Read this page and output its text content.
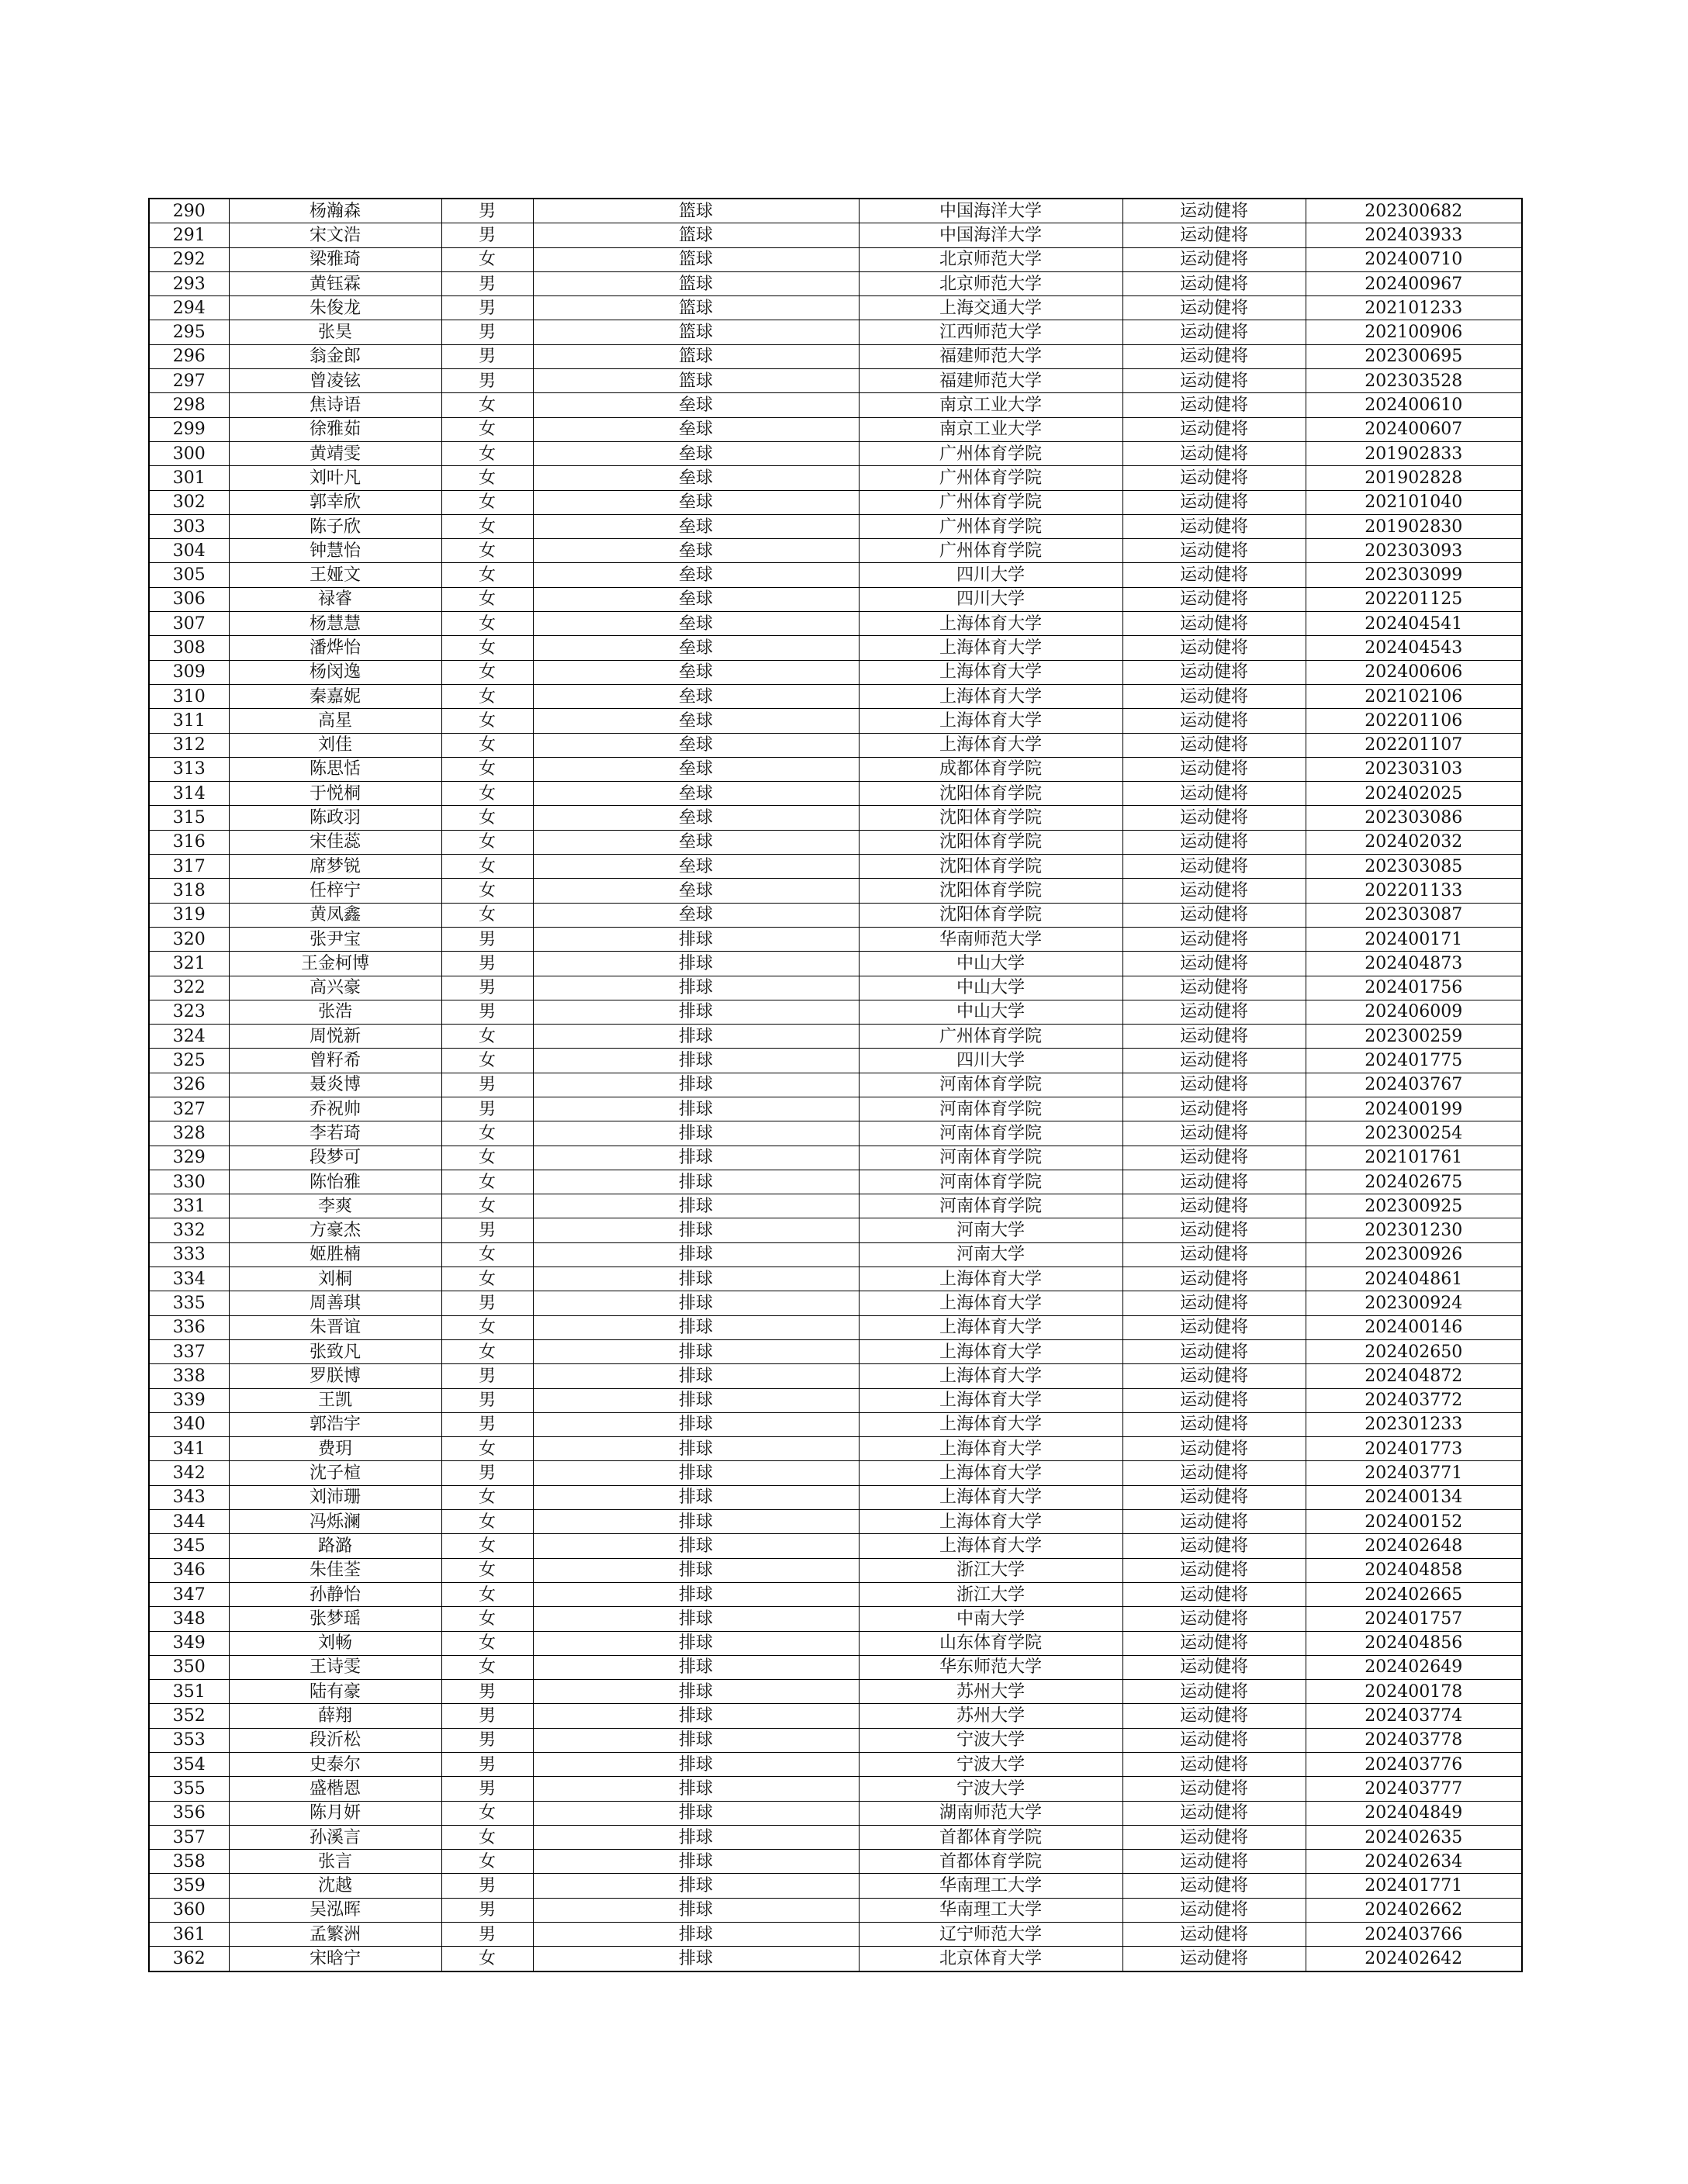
290	杨瀚森	男	篮球	中国海洋大学	运动健将	202300682
291	宋文浩	男	篮球	中国海洋大学	运动健将	202403933
292	梁雅琦	女	篮球	北京师范大学	运动健将	202400710
293	黄钰霖	男	篮球	北京师范大学	运动健将	202400967
294	朱俊龙	男	篮球	上海交通大学	运动健将	202101233
295	张昊	男	篮球	江西师范大学	运动健将	202100906
296	翁金郎	男	篮球	福建师范大学	运动健将	202300695
297	曾凌铉	男	篮球	福建师范大学	运动健将	202303528
298	焦诗语	女	垒球	南京工业大学	运动健将	202400610
299	徐雅茹	女	垒球	南京工业大学	运动健将	202400607
300	黄靖雯	女	垒球	广州体育学院	运动健将	201902833
301	刘叶凡	女	垒球	广州体育学院	运动健将	201902828
302	郭幸欣	女	垒球	广州体育学院	运动健将	202101040
303	陈子欣	女	垒球	广州体育学院	运动健将	201902830
304	钟慧怡	女	垒球	广州体育学院	运动健将	202303093
305	王娅文	女	垒球	四川大学	运动健将	202303099
306	禄睿	女	垒球	四川大学	运动健将	202201125
307	杨慧慧	女	垒球	上海体育大学	运动健将	202404541
308	潘烨怡	女	垒球	上海体育大学	运动健将	202404543
309	杨闵逸	女	垒球	上海体育大学	运动健将	202400606
310	秦嘉妮	女	垒球	上海体育大学	运动健将	202102106
311	高星	女	垒球	上海体育大学	运动健将	202201106
312	刘佳	女	垒球	上海体育大学	运动健将	202201107
313	陈思恬	女	垒球	成都体育学院	运动健将	202303103
314	于悦桐	女	垒球	沈阳体育学院	运动健将	202402025
315	陈政羽	女	垒球	沈阳体育学院	运动健将	202303086
316	宋佳蕊	女	垒球	沈阳体育学院	运动健将	202402032
317	席梦锐	女	垒球	沈阳体育学院	运动健将	202303085
318	任梓宁	女	垒球	沈阳体育学院	运动健将	202201133
319	黄凤鑫	女	垒球	沈阳体育学院	运动健将	202303087
320	张尹宝	男	排球	华南师范大学	运动健将	202400171
321	王金柯博	男	排球	中山大学	运动健将	202404873
322	高兴豪	男	排球	中山大学	运动健将	202401756
323	张浩	男	排球	中山大学	运动健将	202406009
324	周悦新	女	排球	广州体育学院	运动健将	202300259
325	曾籽希	女	排球	四川大学	运动健将	202401775
326	聂炎博	男	排球	河南体育学院	运动健将	202403767
327	乔祝帅	男	排球	河南体育学院	运动健将	202400199
328	李若琦	女	排球	河南体育学院	运动健将	202300254
329	段梦可	女	排球	河南体育学院	运动健将	202101761
330	陈怡雅	女	排球	河南体育学院	运动健将	202402675
331	李爽	女	排球	河南体育学院	运动健将	202300925
332	方豪杰	男	排球	河南大学	运动健将	202301230
333	姬胜楠	女	排球	河南大学	运动健将	202300926
334	刘桐	女	排球	上海体育大学	运动健将	202404861
335	周善琪	男	排球	上海体育大学	运动健将	202300924
336	朱晋谊	女	排球	上海体育大学	运动健将	202400146
337	张致凡	女	排球	上海体育大学	运动健将	202402650
338	罗朕博	男	排球	上海体育大学	运动健将	202404872
339	王凯	男	排球	上海体育大学	运动健将	202403772
340	郭浩宇	男	排球	上海体育大学	运动健将	202301233
341	费玥	女	排球	上海体育大学	运动健将	202401773
342	沈子楦	男	排球	上海体育大学	运动健将	202403771
343	刘沛珊	女	排球	上海体育大学	运动健将	202400134
344	冯烁澜	女	排球	上海体育大学	运动健将	202400152
345	路潞	女	排球	上海体育大学	运动健将	202402648
346	朱佳荃	女	排球	浙江大学	运动健将	202404858
347	孙静怡	女	排球	浙江大学	运动健将	202402665
348	张梦瑶	女	排球	中南大学	运动健将	202401757
349	刘畅	女	排球	山东体育学院	运动健将	202404856
350	王诗雯	女	排球	华东师范大学	运动健将	202402649
351	陆有豪	男	排球	苏州大学	运动健将	202400178
352	薛翔	男	排球	苏州大学	运动健将	202403774
353	段沂松	男	排球	宁波大学	运动健将	202403778
354	史泰尔	男	排球	宁波大学	运动健将	202403776
355	盛楷恩	男	排球	宁波大学	运动健将	202403777
356	陈月妍	女	排球	湖南师范大学	运动健将	202404849
357	孙溪言	女	排球	首都体育学院	运动健将	202402635
358	张言	女	排球	首都体育学院	运动健将	202402634
359	沈越	男	排球	华南理工大学	运动健将	202401771
360	吴泓晖	男	排球	华南理工大学	运动健将	202402662
361	孟繁洲	男	排球	辽宁师范大学	运动健将	202403766
362	宋晗宁	女	排球	北京体育大学	运动健将	202402642
